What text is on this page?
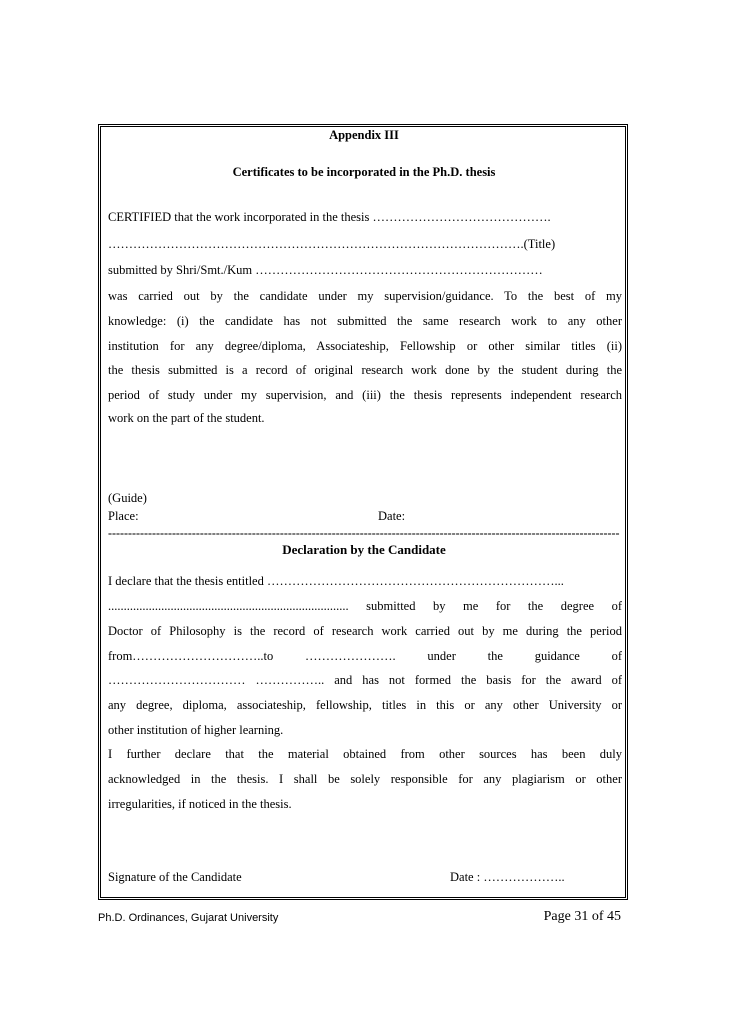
Appendix III
Certificates to be incorporated in the Ph.D. thesis
CERTIFIED that the work incorporated in the thesis …………………………………….
……………………………………………………………………………………….(Title)
submitted by Shri/Smt./Kum ……………………………………………………………
was carried out by the candidate under my supervision/guidance. To the best of my
knowledge: (i) the candidate has not submitted the same research work to any other
institution for any degree/diploma, Associateship, Fellowship or other similar titles (ii)
the thesis submitted is a record of original research work done by the student during the
period of study under my supervision, and (iii) the thesis represents independent research
work on the part of the student.
(Guide)
Place:	Date:
--------------------------------------------------------------------------------------------------------------------------------
Declaration by the Candidate
I declare that the thesis entitled ……………………………………………………………...
............................................................................. submitted by me for the degree of
Doctor of Philosophy is the record of research work carried out by me during the period
from…………………………..to …………………. under the guidance of
…………………………… …………….. and has not formed the basis for the award of
any degree, diploma, associateship, fellowship, titles in this or any other University or
other institution of higher learning.
I further declare that the material obtained from other sources has been duly
acknowledged in the thesis. I shall be solely responsible for any plagiarism or other
irregularities, if noticed in the thesis.
Signature of the Candidate	Date : ………………..
Ph.D. Ordinances, Gujarat University	Page 31 of 45
